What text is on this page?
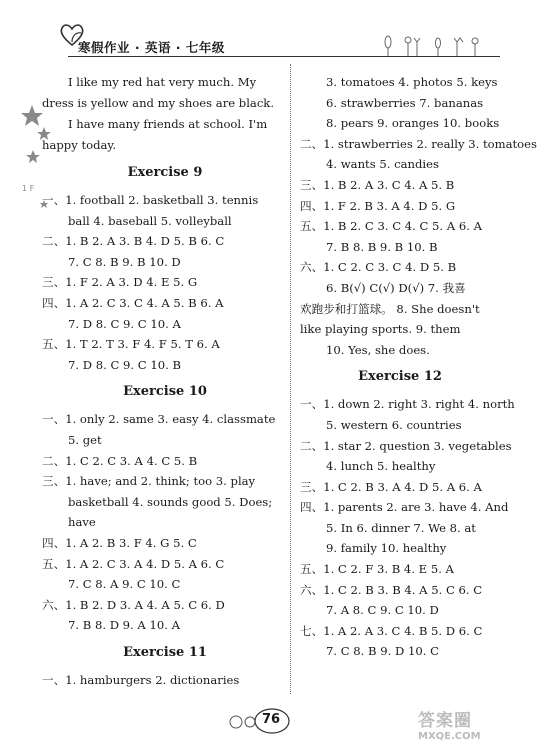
寒假作业 · 英语 · 七年级
1 F
I like my red hat very much. My dress is yellow and my shoes are black.
I have many friends at school. I'm happy today.
Exercise 9
一、1. football 2. basketball 3. tennis
ball 4. baseball 5. volleyball
二、1. B 2. A 3. B 4. D 5. B 6. C
7. C 8. B 9. B 10. D
三、1. F 2. A 3. D 4. E 5. G
四、1. A 2. C 3. C 4. A 5. B 6. A
7. D 8. C 9. C 10. A
五、1. T 2. T 3. F 4. F 5. T 6. A
7. D 8. C 9. C 10. B
Exercise 10
一、1. only 2. same 3. easy 4. classmate
5. get
二、1. C 2. C 3. A 4. C 5. B
三、1. have; and 2. think; too 3. play
basketball 4. sounds good 5. Does;
have
四、1. A 2. B 3. F 4. G 5. C
五、1. A 2. C 3. A 4. D 5. A 6. C
7. C 8. A 9. C 10. C
六、1. B 2. D 3. A 4. A 5. C 6. D
7. B 8. D 9. A 10. A
Exercise 11
一、1. hamburgers 2. dictionaries
3. tomatoes 4. photos 5. keys
6. strawberries 7. bananas
8. pears 9. oranges 10. books
二、1. strawberries 2. really 3. tomatoes
4. wants 5. candies
三、1. B 2. A 3. C 4. A 5. B
四、1. F 2. B 3. A 4. D 5. G
五、1. B 2. C 3. C 4. C 5. A 6. A
7. B 8. B 9. B 10. B
六、1. C 2. C 3. C 4. D 5. B
6. B(√) C(√) D(√) 7. 我喜
欢跑步和打篮球。 8. She doesn't
like playing sports. 9. them
10. Yes, she does.
Exercise 12
一、1. down 2. right 3. right 4. north
5. western 6. countries
二、1. star 2. question 3. vegetables
4. lunch 5. healthy
三、1. C 2. B 3. A 4. D 5. A 6. A
四、1. parents 2. are 3. have 4. And
5. In 6. dinner 7. We 8. at
9. family 10. healthy
五、1. C 2. F 3. B 4. E 5. A
六、1. C 2. B 3. B 4. A 5. C 6. C
7. A 8. C 9. C 10. D
七、1. A 2. A 3. C 4. B 5. D 6. C
7. C 8. B 9. D 10. C
76	答案圈
MXQE.COM
